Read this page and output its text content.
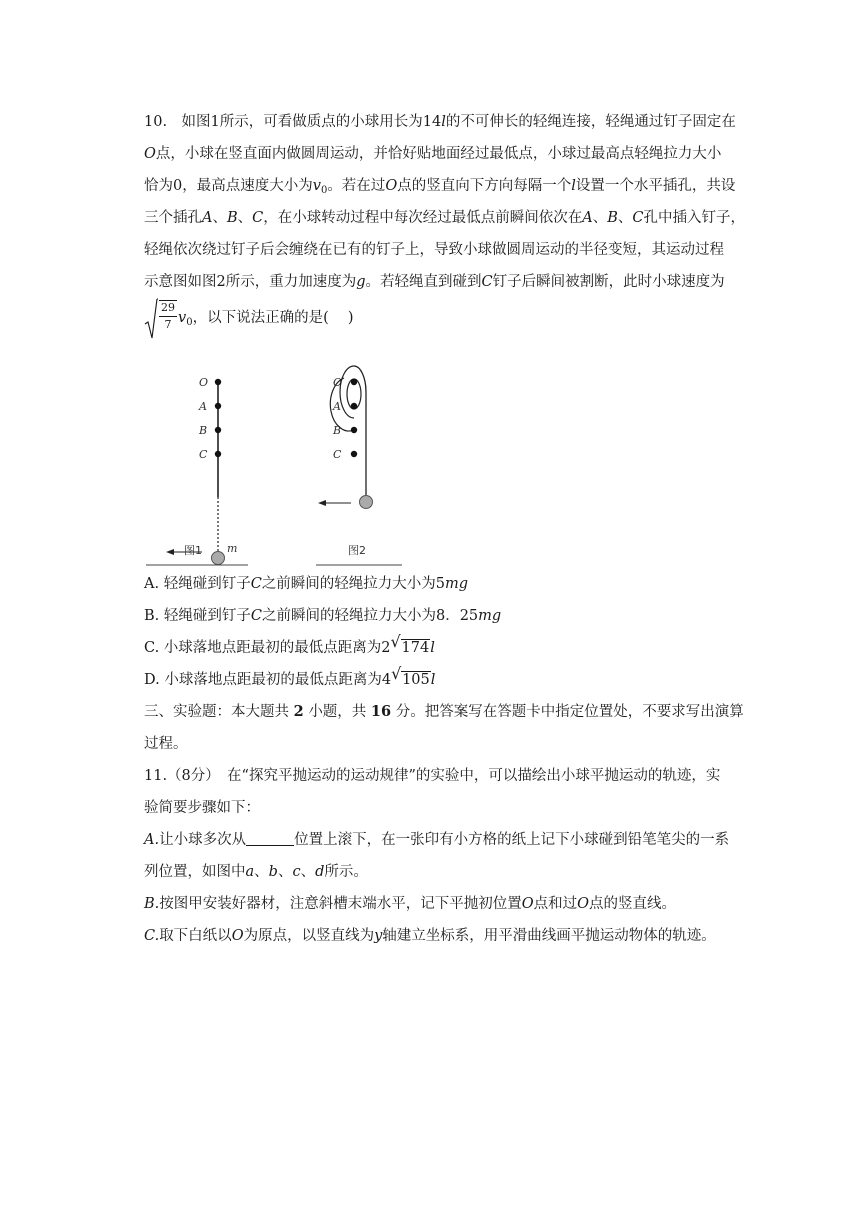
10.　如图1所示，可看做质点的小球用长为14l的不可伸长的轻绳连接，轻绳通过钉子固定在
O点，小球在竖直面内做圆周运动，并恰好贴地面经过最低点，小球过最高点轻绳拉力大小
恰为0，最高点速度大小为$v_0$。若在过O点的竖直向下方向每隔一个l设置一个水平插孔，共设
三个插孔A、B、C，在小球转动过程中每次经过最低点前瞬间依次在A、B、C孔中插入钉子，
轻绳依次绕过钉子后会缠绕在已有的钉子上，导致小球做圆周运动的半径变短，其运动过程
示意图如图2所示，重力加速度为g。若轻绳直到碰到C钉子后瞬间被割断，此时小球速度为
29
7 $v_0$，以下说法正确的是(　 )
O
A
B
C
m
O
A
B
C
图1	图2
A. 轻绳碰到钉子C之前瞬间的轻绳拉力大小为5mg
B. 轻绳碰到钉子C之前瞬间的轻绳拉力大小为8．25mg
C. 小球落地点距最初的最低点距离为2 √ 174l
D. 小球落地点距最初的最低点距离为4 √ 105l
三、实验题：本大题共 2 小题，共 16 分。把答案写在答题卡中指定位置处，不要求写出演算
过程。
11.（8分）　在“探究平抛运动的运动规律”的实验中，可以描绘出小球平抛运动的轨迹，实
验简要步骤如下：
A.让小球多次从	位置上滚下，在一张印有小方格的纸上记下小球碰到铅笔笔尖的一系
列位置，如图中a、b、c、d所示。
B.按图甲安装好器材，注意斜槽末端水平，记下平抛初位置O点和过O点的竖直线。
C.取下白纸以O为原点，以竖直线为y轴建立坐标系，用平滑曲线画平抛运动物体的轨迹。
